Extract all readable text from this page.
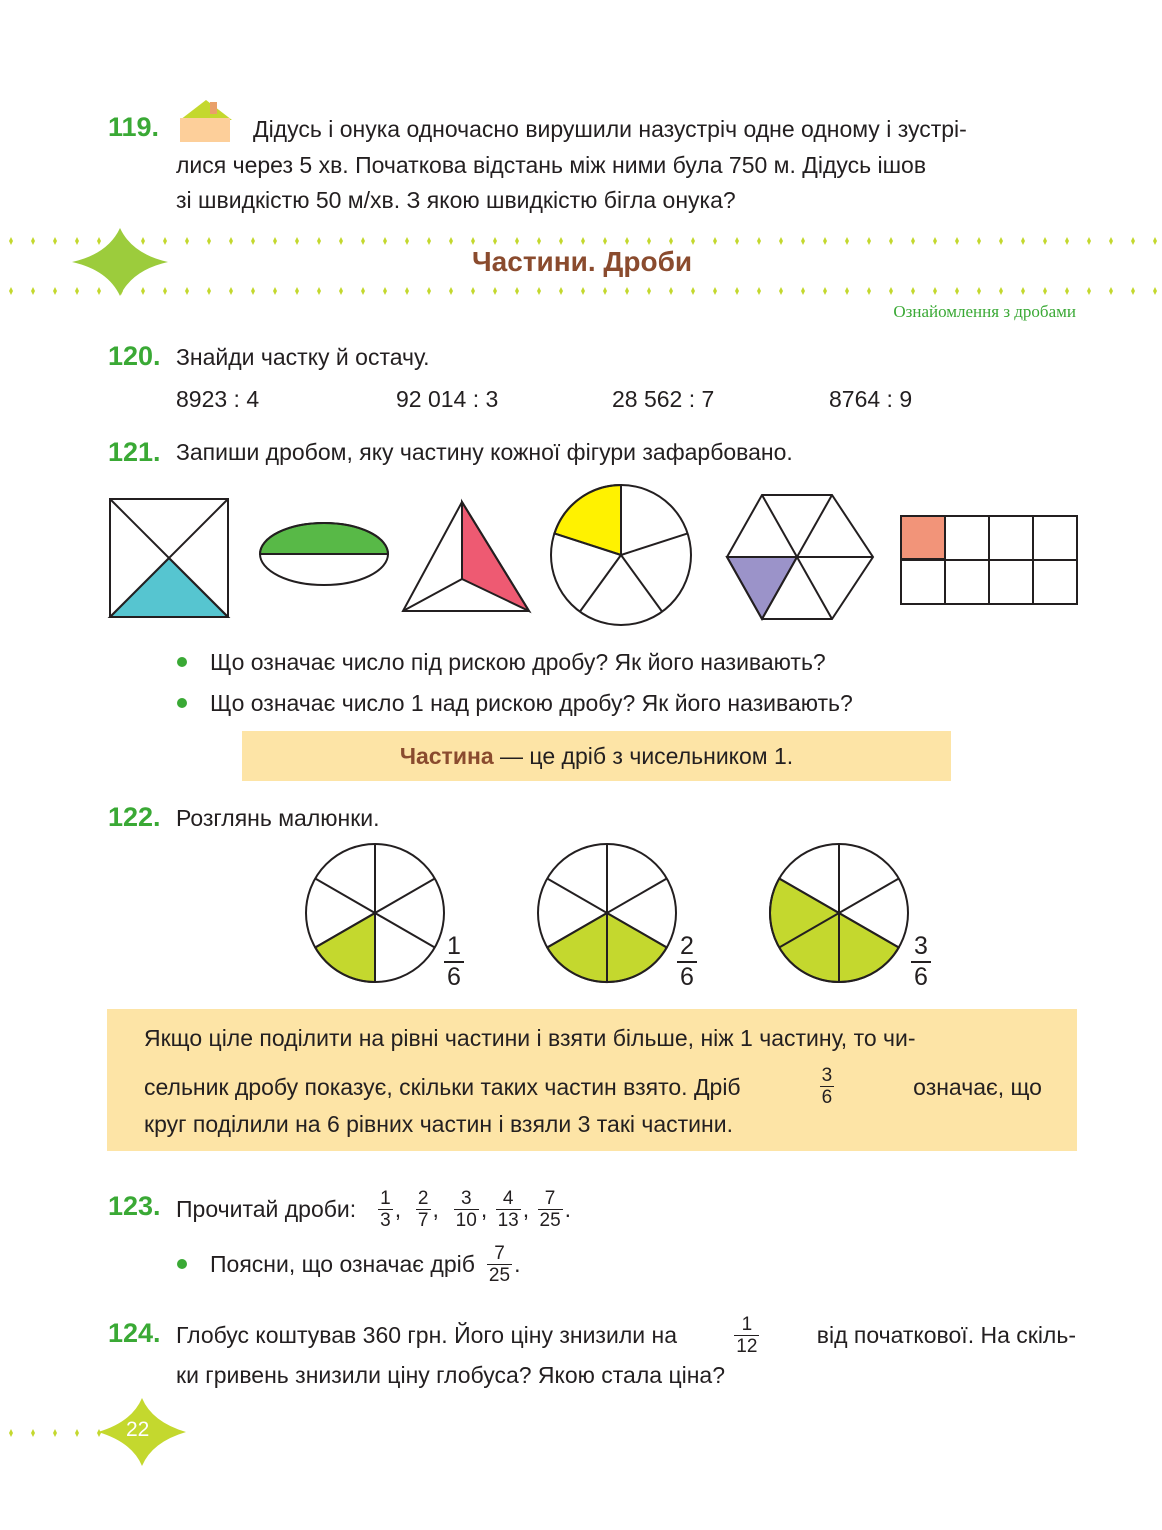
119.	Дідусь і онука одночасно вирушили назустріч одне одному і зустрі-
лися через 5 хв. Початкова відстань між ними була 750 м. Дідусь ішов
зі швидкістю 50 м/хв. З якою швидкістю бігла онука?
Частини. Дроби
Ознайомлення з дробами
120. Знайди частку й остачу.
8923 : 4	92 014 : 3	28 562 : 7	8764 : 9
121. Запиши дробом, яку частину кожної фігури зафарбовано.
Що означає число під рискою дробу? Як його називають?
Що означає число 1 над рискою дробу? Як його називають?
Частина — це дріб з чисельником 1.
122. Розглянь малюнки.
1
6
2
6
3
6
Якщо ціле поділити на рівні частини і взяти більше, ніж 1 частину, то чи-
сельник дробу показує, скільки таких частин взято. Дріб	$\frac{3}{6}$	означає, що
круг поділили на 6 рівних частин і взяли 3 такі частини.
123. Прочитай дроби: $\frac{1}{3}$ , $\frac{2}{7}$ , $\frac{3}{10}$ , $\frac{4}{13}$ , $\frac{7}{25}$ .
Поясни, що означає дріб $\frac{7}{25}$ .
124. Глобус коштував 360 грн. Його ціну знизили на	$\frac{1}{12}$ від початкової. На скіль-
ки гривень знизили ціну глобуса? Якою стала ціна?
22
